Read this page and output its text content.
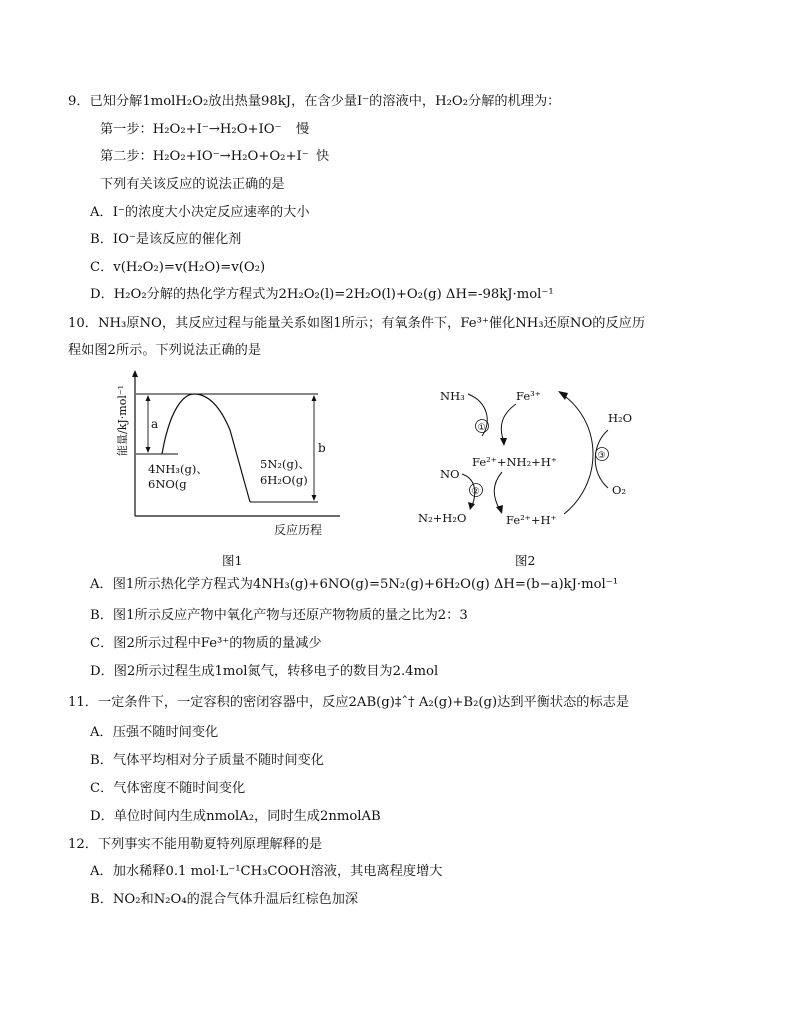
9．已知分解1molH₂O₂放出热量98kJ，在含少量I⁻的溶液中，H₂O₂分解的机理为：
第一步：H₂O₂+I⁻→H₂O+IO⁻ 慢
第二步：H₂O₂+IO⁻→H₂O+O₂+I⁻ 快
下列有关该反应的说法正确的是
A．I⁻的浓度大小决定反应速率的大小
B．IO⁻是该反应的催化剂
C．v(H₂O₂)=v(H₂O)=v(O₂)
D．H₂O₂分解的热化学方程式为2H₂O₂(l)=2H₂O(l)+O₂(g) ΔH=-98kJ·mol⁻¹
10．NH₃原NO，其反应过程与能量关系如图1所示；有氧条件下，Fe³⁺催化NH₃还原NO的反应历
程如图2所示。下列说法正确的是
能量/kJ·mol⁻¹
反应历程
a
b
4NH₃(g)、
6NO(g
5N₂(g)、
6H₂O(g)
图1
NH₃	Fe³⁺
H₂O
①
Fe²⁺+NH₂+H⁺
NO
②
N₂+H₂O	Fe²⁺+H⁺
③
O₂
图2
A．图1所示热化学方程式为4NH₃(g)+6NO(g)=5N₂(g)+6H₂O(g) ΔH=(b−a)kJ·mol⁻¹
B．图1所示反应产物中氧化产物与还原产物物质的量之比为2：3
C．图2所示过程中Fe³⁺的物质的量减少
D．图2所示过程生成1mol氮气，转移电子的数目为2.4mol
11．一定条件下，一定容积的密闭容器中，反应2AB(g)‡ˆ† A₂(g)+B₂(g)达到平衡状态的标志是
A．压强不随时间变化
B．气体平均相对分子质量不随时间变化
C．气体密度不随时间变化
D．单位时间内生成nmolA₂，同时生成2nmolAB
12．下列事实不能用勒夏特列原理解释的是
A．加水稀释0.1 mol·L⁻¹CH₃COOH溶液，其电离程度增大
B．NO₂和N₂O₄的混合气体升温后红棕色加深
